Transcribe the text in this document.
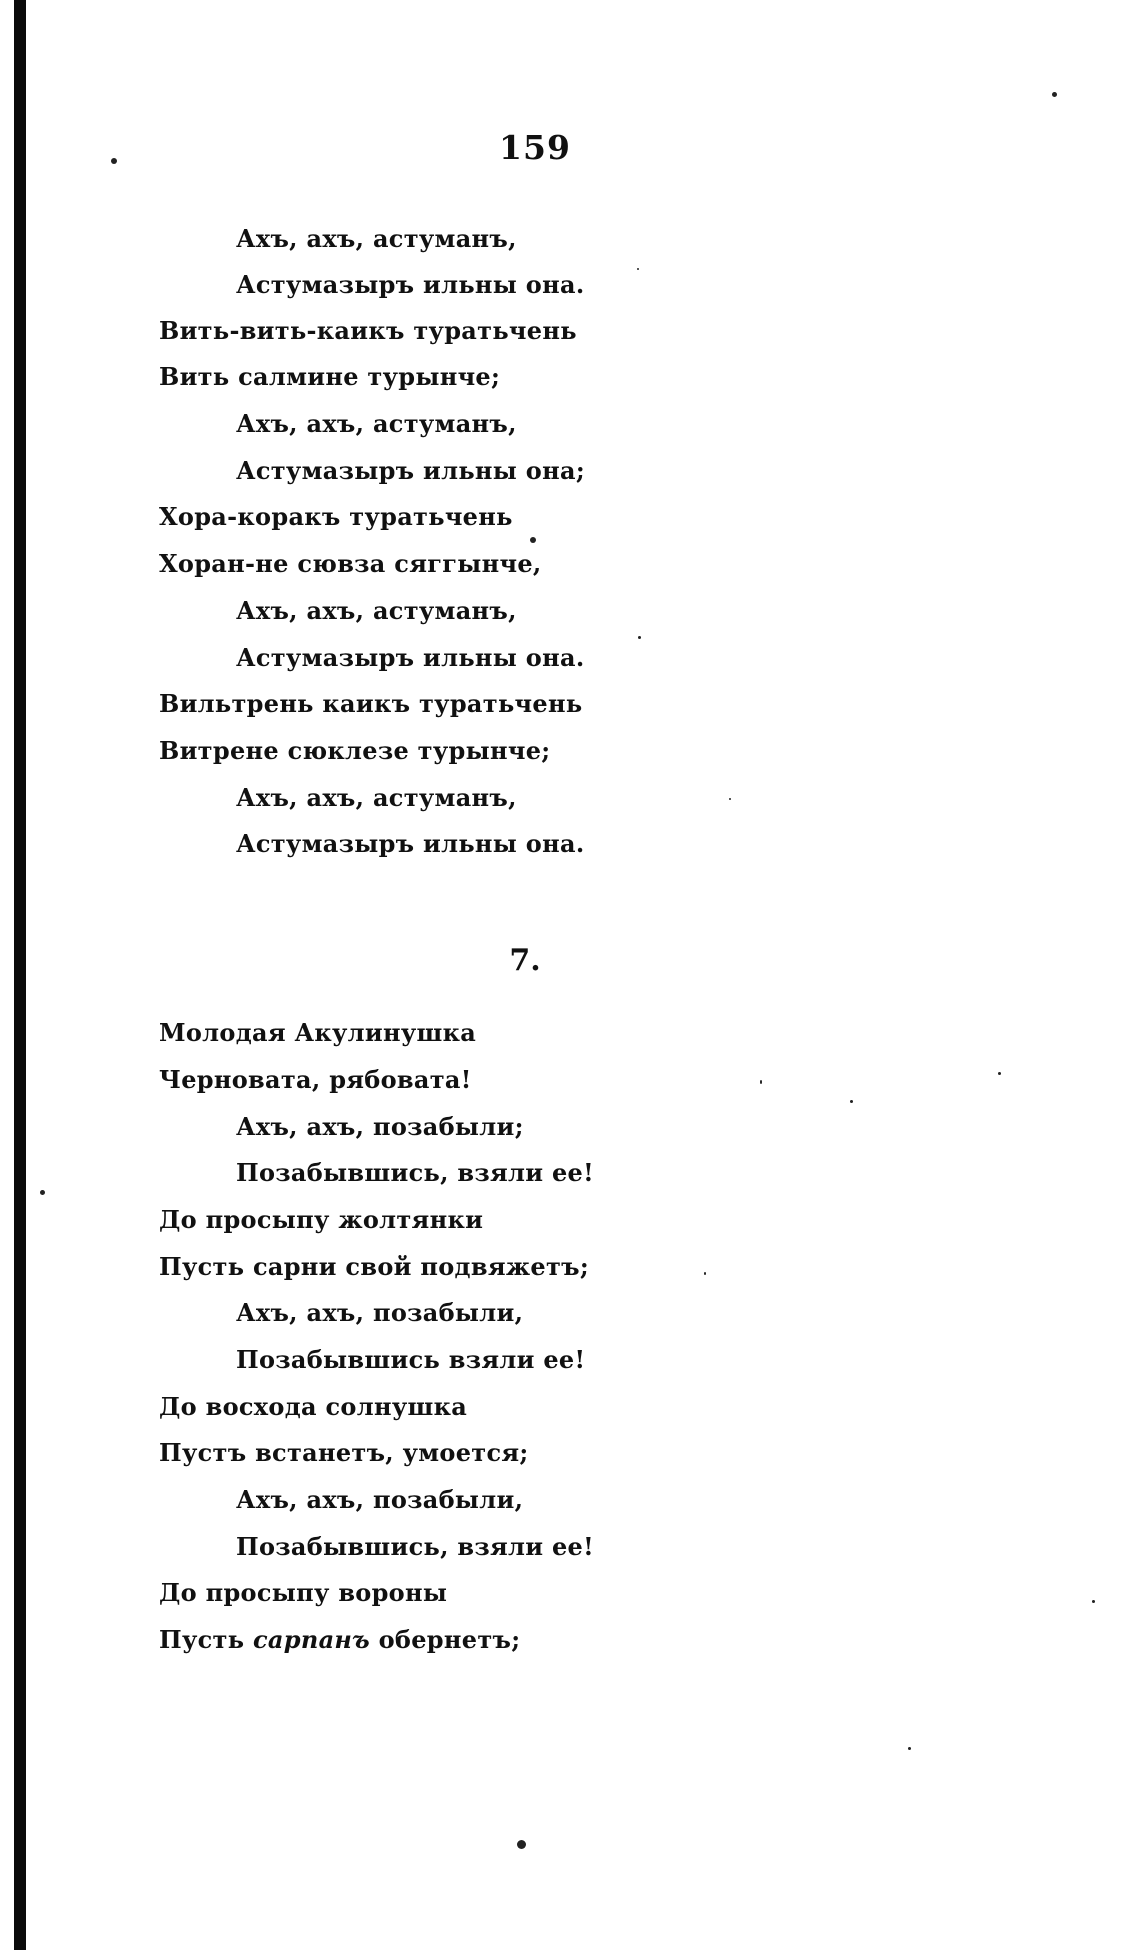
159
Ахъ, ахъ, астуманъ,
Астумазыръ ильны она.
Вить-вить-каикъ туратьчень
Вить салмине турынче;
Ахъ, ахъ, астуманъ,
Астумазыръ ильны она;
Хора-коракъ туратьчень
Хоран-не сювза сяггынче,
Ахъ, ахъ, астуманъ,
Астумазыръ ильны она.
Вильтрень каикъ туратьчень
Витрене сюклезе турынче;
Ахъ, ахъ, астуманъ,
Астумазыръ ильны она.
7.
Молодая Акулинушка
Черновата, рябовата!
Ахъ, ахъ, позабыли;
Позабывшись, взяли ее!
До просыпу жолтянки
Пусть сарни свой подвяжетъ;
Ахъ, ахъ, позабыли,
Позабывшись взяли ее!
До восхода солнушка
Пустъ встанетъ, умоется;
Ахъ, ахъ, позабыли,
Позабывшись, взяли ее!
До просыпу вороны
Пусть сарпанъ обернетъ;
